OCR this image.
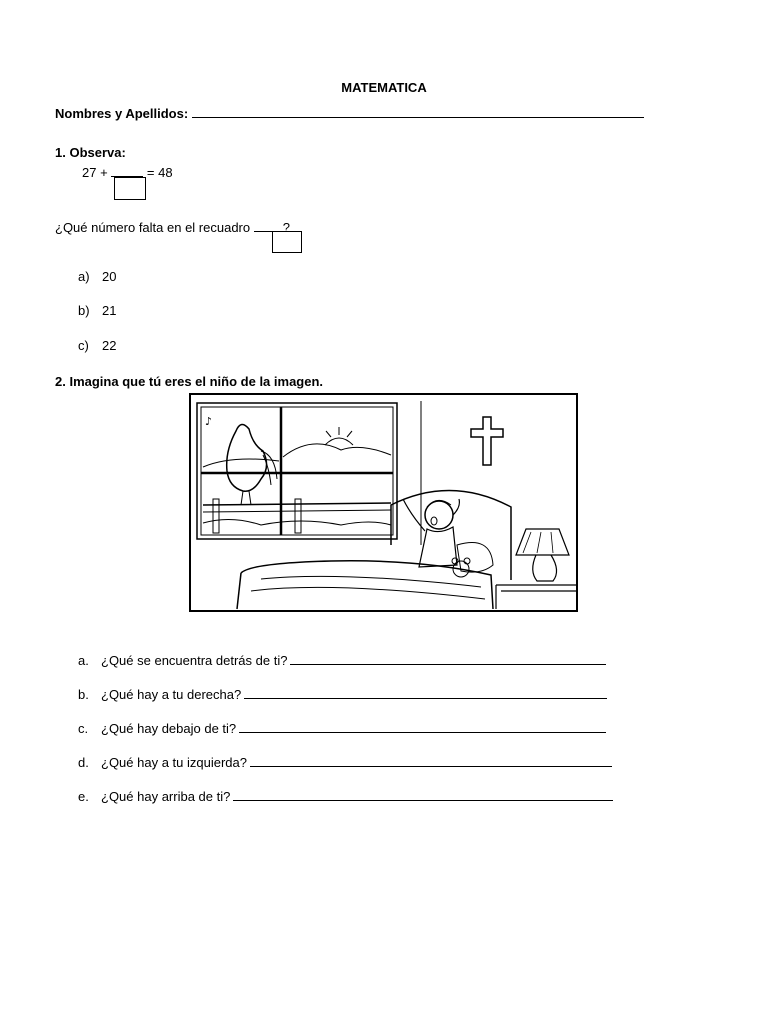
MATEMATICA
Nombres y Apellidos:
1. Observa:
27 +	= 48
¿Qué número falta en el recuadro	?
a) 20
b) 21
c) 22
2. Imagina que tú eres el niño de la imagen.
♪
a. ¿Qué se encuentra detrás de ti?
b. ¿Qué hay a tu derecha?
c. ¿Qué hay debajo de ti?
d. ¿Qué hay a tu izquierda?
e. ¿Qué hay arriba de ti?
